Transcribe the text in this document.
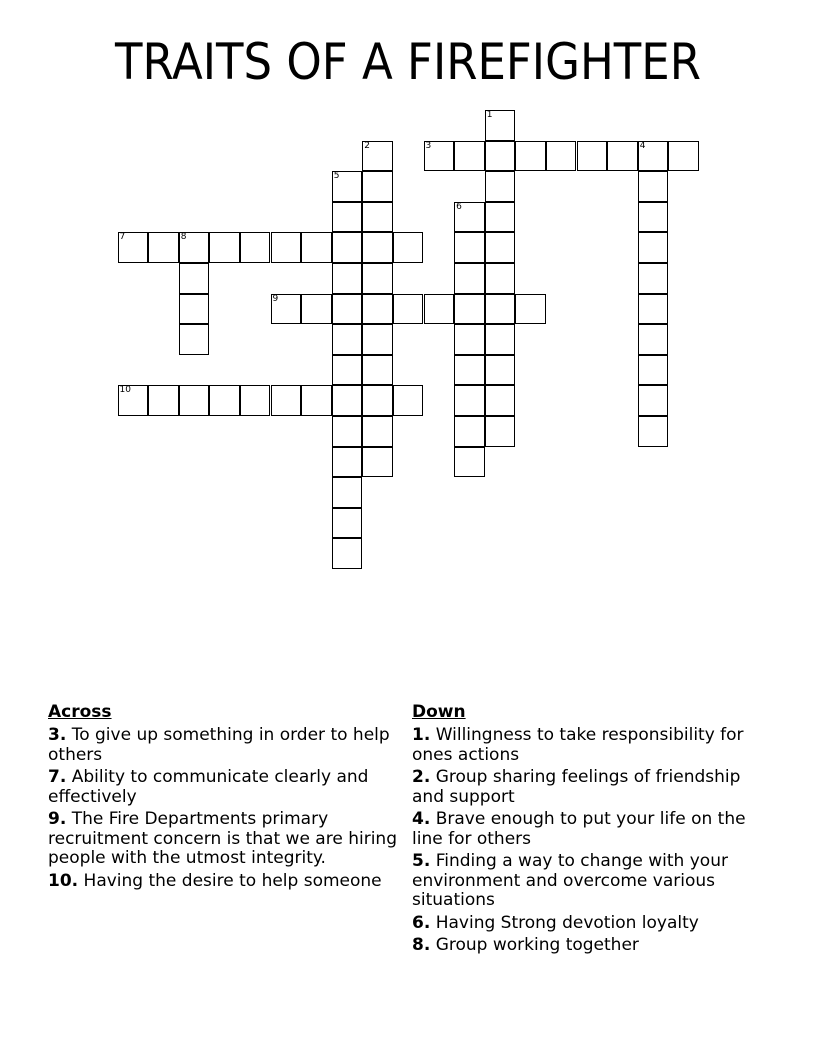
TRAITS OF A FIREFIGHTER
1
2	3	4
5
6
7	8
9
10
Across
3. To give up something in order to help others
7. Ability to communicate clearly and effectively
9. The Fire Departments primary recruitment concern is that we are hiring people with the utmost integrity.
10. Having the desire to help someone
Down
1. Willingness to take responsibility for ones actions
2. Group sharing feelings of friendship and support
4. Brave enough to put your life on the line for others
5. Finding a way to change with your environment and overcome various situations
6. Having Strong devotion loyalty
8. Group working together
